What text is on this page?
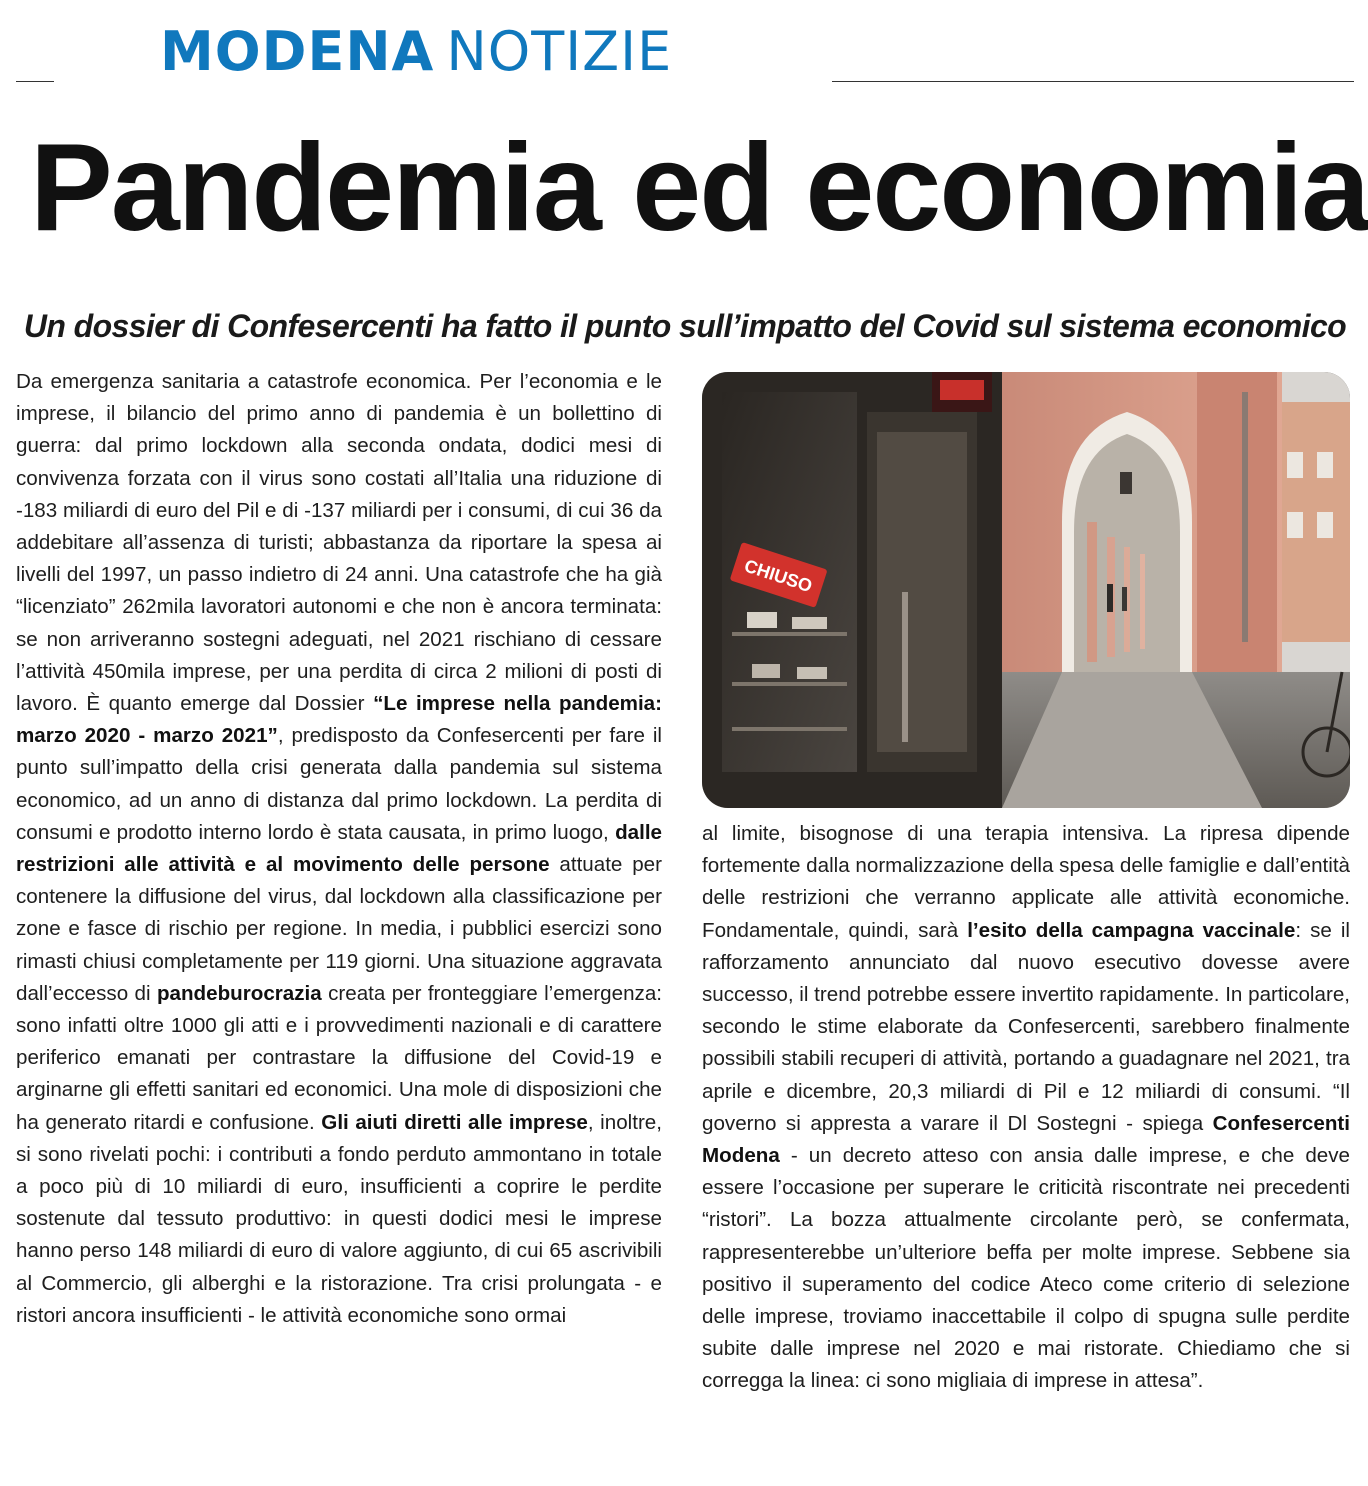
MODENA NOTIZIE
Pandemia ed economia
Un dossier di Confesercenti ha fatto il punto sull’impatto del Covid sul sistema economico

Da emergenza sanitaria a catastrofe economica. Per l’economia e le imprese, il bilancio del primo anno di pandemia è un bollettino di guerra: dal primo lockdown alla seconda ondata, dodici mesi di convivenza forzata con il virus sono costati all’Italia una riduzione di -183 miliardi di euro del Pil e di -137 miliardi per i consumi, di cui 36 da addebitare all’assenza di turisti; abbastanza da riportare la spesa ai livelli del 1997, un passo indietro di 24 anni. Una catastrofe che ha già “licenziato” 262mila lavoratori autonomi e che non è ancora terminata: se non arriveranno sostegni adeguati, nel 2021 rischiano di cessare l’attività 450mila imprese, per una perdita di circa 2 milioni di posti di lavoro. È quanto emerge dal Dossier “Le imprese nella pandemia: marzo 2020 - marzo 2021”, predisposto da Confesercenti per fare il punto sull’impatto della crisi generata dalla pandemia sul sistema economico, ad un anno di distanza dal primo lockdown. La perdita di consumi e prodotto interno lordo è stata causata, in primo luogo, dalle restrizioni alle attività e al movimento delle persone attuate per contenere la diffusione del virus, dal lockdown alla classificazione per zone e fasce di rischio per regione. In media, i pubblici esercizi sono rimasti chiusi completamente per 119 giorni. Una situazione aggravata dall’eccesso di pandeburocrazia creata per fronteggiare l’emergenza: sono infatti oltre 1000 gli atti e i provvedimenti nazionali e di carattere periferico emanati per contrastare la diffusione del Covid-19 e arginarne gli effetti sanitari ed economici. Una mole di disposizioni che ha generato ritardi e confusione. Gli aiuti diretti alle imprese, inoltre, si sono rivelati pochi: i contributi a fondo perduto ammontano in totale a poco più di 10 miliardi di euro, insufficienti a coprire le perdite sostenute dal tessuto produttivo: in questi dodici mesi le imprese hanno perso 148 miliardi di euro di valore aggiunto, di cui 65 ascrivibili al Commercio, gli alberghi e la ristorazione. Tra crisi prolungata - e ristori ancora insufficienti - le attività economiche sono ormai

CHIUSO

al limite, bisognose di una terapia intensiva. La ripresa dipende fortemente dalla normalizzazione della spesa delle famiglie e dall’entità delle restrizioni che verranno applicate alle attività economiche. Fondamentale, quindi, sarà l’esito della campagna vaccinale: se il rafforzamento annunciato dal nuovo esecutivo dovesse avere successo, il trend potrebbe essere invertito rapidamente. In particolare, secondo le stime elaborate da Confesercenti, sarebbero finalmente possibili stabili recuperi di attività, portando a guadagnare nel 2021, tra aprile e dicembre, 20,3 miliardi di Pil e 12 miliardi di consumi. “Il governo si appresta a varare il Dl Sostegni - spiega Confesercenti Modena - un decreto atteso con ansia dalle imprese, e che deve essere l’occasione per superare le criticità riscontrate nei precedenti “ristori”. La bozza attualmente circolante però, se confermata, rappresenterebbe un’ulteriore beffa per molte imprese. Sebbene sia positivo il superamento del codice Ateco come criterio di selezione delle imprese, troviamo inaccettabile il colpo di spugna sulle perdite subite dalle imprese nel 2020 e mai ristorate. Chiediamo che si corregga la linea: ci sono migliaia di imprese in attesa”.
